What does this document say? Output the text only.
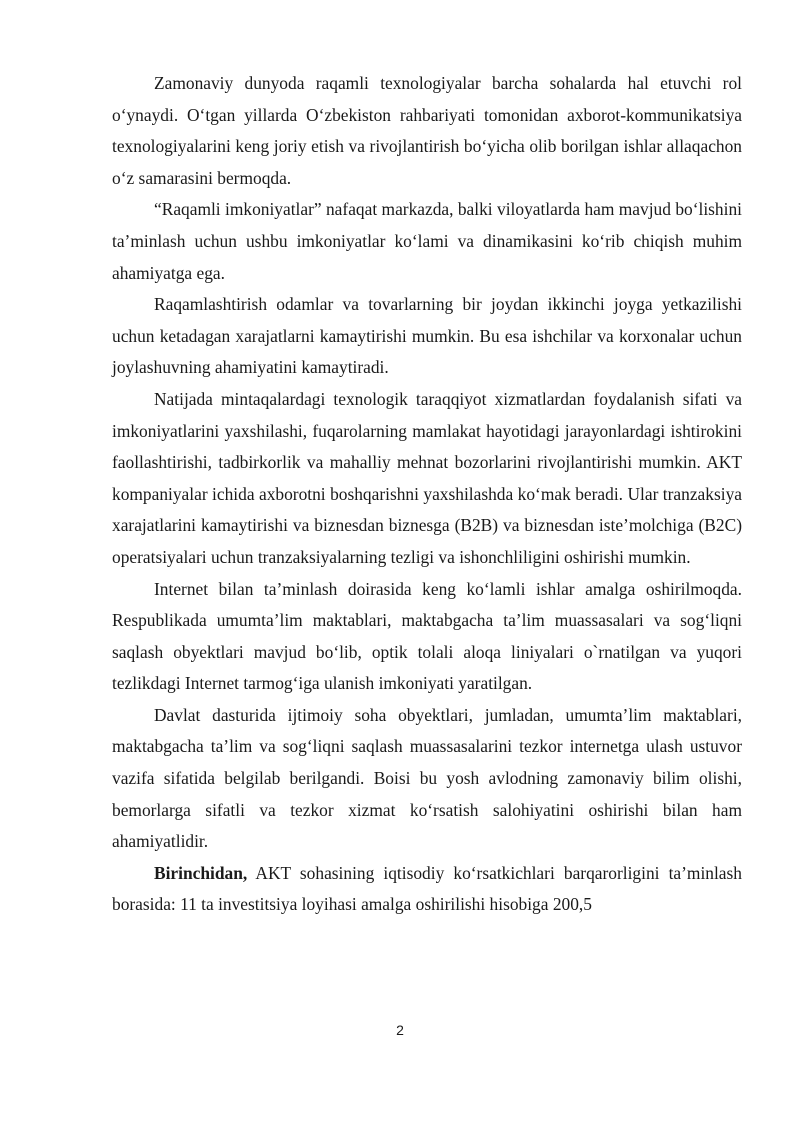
Zamonaviy dunyoda raqamli texnologiyalar barcha sohalarda hal etuvchi rol o‘ynaydi. O‘tgan yillarda O‘zbekiston rahbariyati tomonidan axborot-kommunikatsiya texnologiyalarini keng joriy etish va rivojlantirish bo‘yicha olib borilgan ishlar allaqachon o‘z samarasini bermoqda.

“Raqamli imkoniyatlar” nafaqat markazda, balki viloyatlarda ham mavjud bo‘lishini ta’minlash uchun ushbu imkoniyatlar ko‘lami va dinamikasini ko‘rib chiqish muhim ahamiyatga ega.

Raqamlashtirish odamlar va tovarlarning bir joydan ikkinchi joyga yetkazilishi uchun ketadagan xarajatlarni kamaytirishi mumkin. Bu esa ishchilar va korxonalar uchun joylashuvning ahamiyatini kamaytiradi.

Natijada mintaqalardagi texnologik taraqqiyot xizmatlardan foydalanish sifati va imkoniyatlarini yaxshilashi, fuqarolarning mamlakat hayotidagi jarayonlardagi ishtirokini faollashtirishi, tadbirkorlik va mahalliy mehnat bozorlarini rivojlantirishi mumkin. AKT kompaniyalar ichida axborotni boshqarishni yaxshilashda ko‘mak beradi. Ular tranzaksiya xarajatlarini kamaytirishi va biznesdan biznesga (B2B) va biznesdan iste’molchiga (B2C) operatsiyalari uchun tranzaksiyalarning tezligi va ishonchliligini oshirishi mumkin.

Internet bilan ta’minlash doirasida keng ko‘lamli ishlar amalga oshirilmoqda. Respublikada umumta’lim maktablari, maktabgacha ta’lim muassasalari va sog‘liqni saqlash obyektlari mavjud bo‘lib, optik tolali aloqa liniyalari o`rnatilgan va yuqori tezlikdagi Internet tarmog‘iga ulanish imkoniyati yaratilgan.

Davlat dasturida ijtimoiy soha obyektlari, jumladan, umumta’lim maktablari, maktabgacha ta’lim va sog‘liqni saqlash muassasalarini tezkor internetga ulash ustuvor vazifa sifatida belgilab berilgandi. Boisi bu yosh avlodning zamonaviy bilim olishi, bemorlarga sifatli va tezkor xizmat ko‘rsatish salohiyatini oshirishi bilan ham ahamiyatlidir.

Birinchidan, AKT sohasining iqtisodiy ko‘rsatkichlari barqarorligini ta’minlash borasida: 11 ta investitsiya loyihasi amalga oshirilishi hisobiga 200,5

2
